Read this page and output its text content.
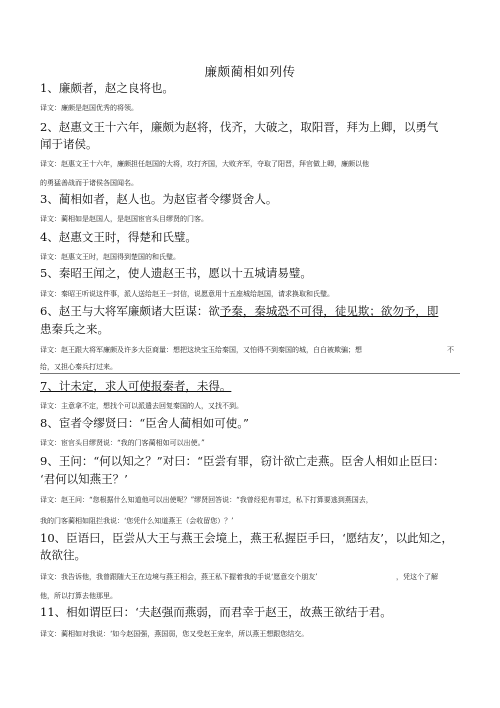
廉颇蔺相如列传
1、廉颇者，赵之良将也。
译文：廉颇是赵国优秀的将领。
2、赵惠文王十六年，廉颇为赵将，伐齐，大破之，取阳晋，拜为上卿，以勇气
闻于诸侯。
译文：赵惠文王十六年，廉颇担任赵国的大将，攻打齐国，大败齐军，夺取了阳晋，拜官做上卿，廉颇以他
的勇猛善战而于诸侯各国闻名。
3、蔺相如者，赵人也。为赵宦者令缪贤舍人。
译文：蔺相如是赵国人，是赵国宦官头目缪贤的门客。
4、赵惠文王时，得楚和氏璧。
译文：赵惠文王时，赵国得到楚国的和氏璧。
5、秦昭王闻之，使人遗赵王书，愿以十五城请易璧。
译文：秦昭王听说这件事，派人送给赵王一封信，说愿意用十五座城给赵国，请求换取和氏璧。
6、赵王与大将军廉颇诸大臣谋：欲予秦，秦城恐不可得，徒见欺；欲勿予，即
患秦兵之来。
译文：赵王跟大将军廉颇及许多大臣商量：想把这块宝玉给秦国，又怕得不到秦国的城，白白被欺骗；想	不
给，又担心秦兵打过来。
7、计未定，求人可使报秦者，未得。
译文：主意拿不定，想找个可以派遣去回复秦国的人，又找不到。
8、宦者令缪贤曰：“臣舍人蔺相如可使。”
译文：宦官头目缪贤说：“我的门客蔺相如可以出使。”
9、王问：“何以知之？”对曰：“臣尝有罪，窃计欲亡走燕。臣舍人相如止臣曰：
‘君何以知燕王？’
译文：赵王问：“您根据什么知道他可以出使呢？”缪贤回答说：“我曾经犯有罪过，私下打算要逃到燕国去，
我的门客蔺相如阻拦我说：‘您凭什么知道燕王（会收留您）？’
10、臣语曰，臣尝从大王与燕王会境上，燕王私握臣手曰，‘愿结友’，以此知之，
故欲往。
译文：我告诉他，我曾跟随大王在边境与燕王相会，燕王私下握着我的手说‘愿意交个朋友’	，凭这个了解
他，所以打算去他那里。
11、相如谓臣曰：‘夫赵强而燕弱，而君幸于赵王，故燕王欲结于君。
译文：蔺相如对我说：‘如今赵国强，燕国弱，您又受赵王宠幸，所以燕王想跟您结交。
